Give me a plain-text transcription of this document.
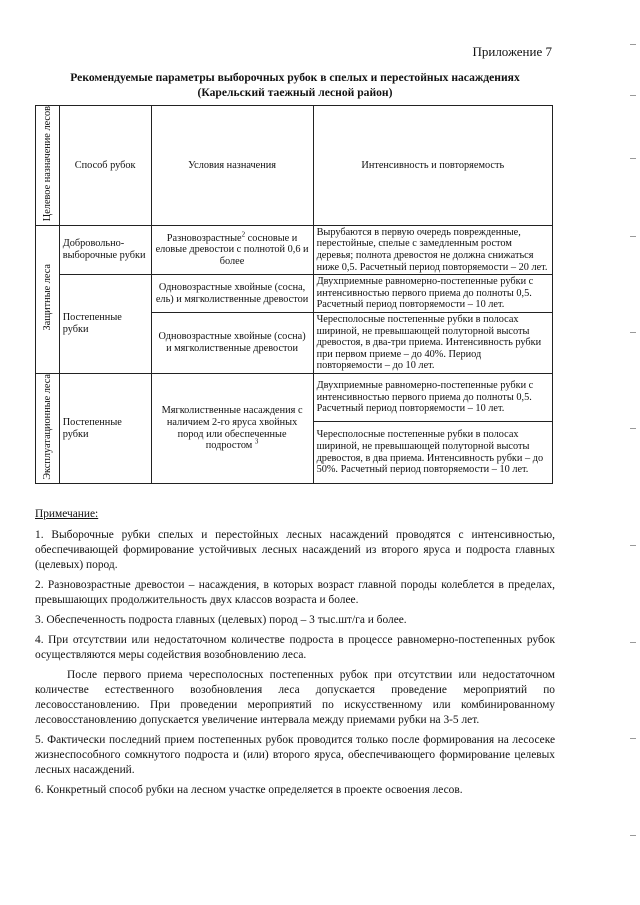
Приложение 7
Рекомендуемые параметры выборочных рубок в спелых и перестойных насаждениях
(Карельский таежный лесной район)
Целевое назначение лесов	Способ рубок	Условия назначения	Интенсивность и повторяемость
Защитные леса	Добровольно-выборочные рубки	Разновозрастные$^2$ сосновые и еловые древостои с полнотой 0,6 и более	Вырубаются в первую очередь поврежденные, перестойные, спелые с замедленным ростом деревья; полнота древостоя не должна снижаться ниже 0,5. Расчетный период повторяемости – 20 лет.
	Постепенные рубки	Одновозрастные хвойные (сосна, ель) и мягколиственные древостои	Двухприемные равномерно-постепенные рубки с интенсивностью первого приема до полноты 0,5. Расчетный период повторяемости – 10 лет.
		Одновозрастные хвойные (сосна) и мягколиственные древостои	Чересполосные постепенные рубки в полосах шириной, не превышающей полуторной высоты древостоя, в два-три приема. Интенсивность рубки при первом приеме – до 40%. Период повторяемости – до 10 лет.
Эксплуатационные леса	Постепенные рубки	Мягколиственные насаждения с наличием 2-го яруса хвойных пород или обеспеченные подростом $^3$	Двухприемные равномерно-постепенные рубки с интенсивностью первого приема до полноты 0,5. Расчетный период повторяемости – 10 лет.
			Чересполосные постепенные рубки в полосах шириной, не превышающей полуторной высоты древостоя, в два приема. Интенсивность рубки – до 50%. Расчетный период повторяемости – 10 лет.

Примечание:

1. Выборочные рубки спелых и перестойных лесных насаждений проводятся с интенсивностью, обеспечивающей формирование устойчивых лесных насаждений из второго яруса и подроста главных (целевых) пород.

2. Разновозрастные древостои – насаждения, в которых возраст главной породы колеблется в пределах, превышающих продолжительность двух классов возраста и более.

3. Обеспеченность подроста главных (целевых) пород – 3 тыс.шт/га и более.

4. При отсутствии или недостаточном количестве подроста в процессе равномерно-постепенных рубок осуществляются меры содействия возобновлению леса.

После первого приема чересполосных постепенных рубок при отсутствии или недостаточном количестве естественного возобновления леса допускается проведение мероприятий по лесовосстановлению. При проведении мероприятий по искусственному или комбинированному лесовосстановлению допускается увеличение интервала между приемами рубки на 3-5 лет.

5. Фактически последний прием постепенных рубок проводится только после формирования на лесосеке жизнеспособного сомкнутого подроста и (или) второго яруса, обеспечивающего формирование целевых лесных насаждений.

6. Конкретный способ рубки на лесном участке определяется в проекте освоения лесов.
